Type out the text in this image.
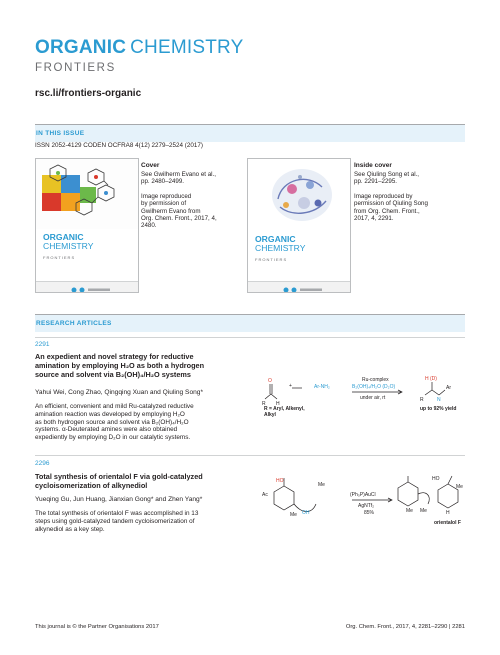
ORGANIC CHEMISTRY
FRONTIERS
rsc.li/frontiers-organic
IN THIS ISSUE
ISSN 2052-4129 CODEN OCFRA8 4(12) 2279–2524 (2017)
ORGANIC
CHEMISTRY
FRONTIERS
Cover
See Gwilherm Evano et al.,
pp. 2480–2499.
Image reproduced
by permission of
Gwilherm Evano from
Org. Chem. Front., 2017, 4,
2480.
ORGANIC
CHEMISTRY
FRONTIERS
Inside cover
See Qiuling Song et al.,
pp. 2291–2295.
Image reproduced by
permission of Qiuling Song
from Org. Chem. Front.,
2017, 4, 2291.
RESEARCH ARTICLES
2291
An expedient and novel strategy for reductive
amination by employing H₂O as both a hydrogen
source and solvent via B₂(OH)₄/H₂O systems
Yahui Wei, Cong Zhao, Qingqing Xuan and Qiuling Song*
An efficient, convenient and mild Ru-catalyzed reductive
amination reaction was developed by employing H₂O
as both hydrogen source and solvent via B₂(OH)₄/H₂O
systems. α-Deuterated amines were also obtained
expediently by employing D₂O in our catalytic systems.
O
R H
N
R
+	Ar-NH₂
Ru-complex
B₂(OH)₄/H₂O (D₂O)
under air, rt
R = Aryl, Alkenyl,
Alkyl
H (D)
Ar
up to 92% yield
2296
Total synthesis of orientalol F via gold-catalyzed
cycloisomerization of alkynediol
Yueqing Gu, Jun Huang, Jianxian Gong* and Zhen Yang*
The total synthesis of orientalol F was accomplished in 13
steps using gold-catalyzed tandem cycloisomerization of
alkynediol as a key step.
HO
Ac
OH
Me
Me
HO
Me
Me	H
Me
(Ph₃P)AuCl
AgNTf₂
85%
orientalol F
This journal is © the Partner Organisations 2017	Org. Chem. Front., 2017, 4, 2281–2290 | 2281
